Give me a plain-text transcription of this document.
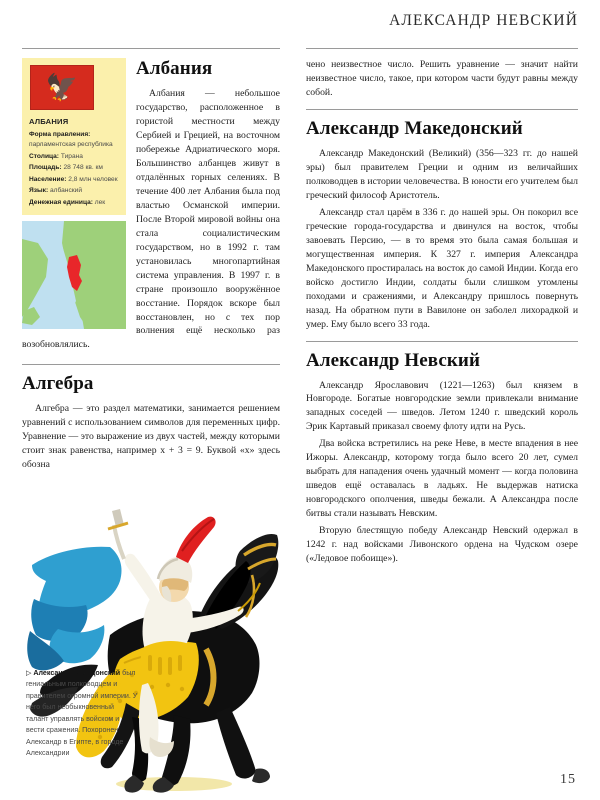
АЛЕКСАНДР НЕВСКИЙ
🦅
АЛБАНИЯ
Форма правления: парламентская республика
Столица: Тирана
Площадь: 28 748 кв. км
Население: 2,8 млн человек
Язык: албанский
Денежная единица: лек
Албания

Албания — небольшое государство, расположенное в гористой местности между Сербией и Грецией, на восточном побережье Адриатического моря. Большинство албанцев живут в отдалённых горных селениях. В течение 400 лет Албания была под властью Османской империи. После Второй мировой войны она стала социалистическим государством, но в 1992 г. там установилась многопартийная система управления. В 1997 г. в стране произошло вооружённое восстание. Порядок вскоре был восстановлен, но с тех пор волнения ещё несколько раз возобновлялись.

Алгебра

Алгебра — это раздел математики, занимается решением уравнений с использованием символов для переменных цифр. Уравнение — это выражение из двух частей, между которыми стоит знак равенства, например х + 3 = 9. Буквой «х» здесь обозна

▷ Александр Македонский был гениальным полководцем и правителем огромной империи. У него был необыкновенный талант управлять войском и вести сражения. Похоронен Александр в Египте, в городе Александрии

чено неизвестное число. Решить уравнение — значит найти неизвестное число, такое, при котором части будут равны между собой.

Александр Македонский

Александр Македонский (Великий) (356—323 гг. до нашей эры) был правителем Греции и одним из величайших полководцев в истории человечества. В юности его учителем был греческий философ Аристотель.

Александр стал царём в 336 г. до нашей эры. Он покорил все греческие города-государства и двинулся на восток, чтобы завоевать Персию, — в то время это была самая большая и могущественная империя. К 327 г. империя Александра Македонского простиралась на восток до самой Индии. Когда его войско достигло Индии, солдаты были слишком утомлены походами и сражениями, и Александру пришлось повернуть назад. На обратном пути в Вавилоне он заболел лихорадкой и умер. Ему было всего 33 года.

Александр Невский

Александр Ярославович (1221—1263) был князем в Новгороде. Богатые новгородские земли привлекали внимание западных соседей — шведов. Летом 1240 г. шведский король Эрик Картавый приказал своему флоту идти на Русь.

Два войска встретились на реке Неве, в месте впадения в нее Ижоры. Александр, которому тогда было всего 20 лет, сумел выбрать для нападения очень удачный момент — когда половина шведов ещё оставалась в ладьях. Не выдержав натиска новгородского ополчения, шведы бежали. А Александра после битвы стали называть Невским.

Вторую блестящую победу Александр Невский одержал в 1242 г. над войсками Ливонского ордена на Чудском озере («Ледовое побоище»).

15
